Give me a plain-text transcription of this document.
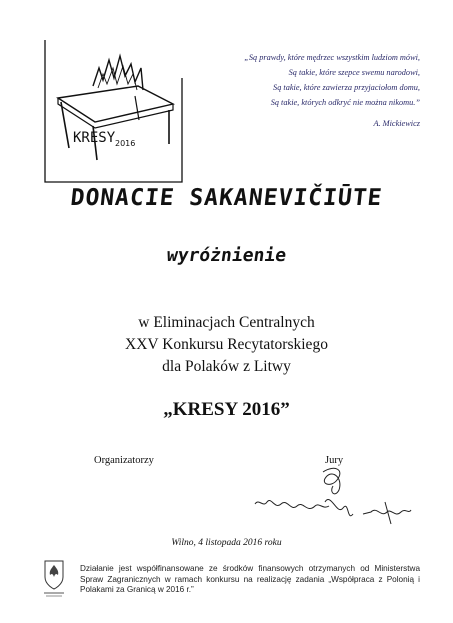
KRESY 2016
„Są prawdy, które mędrzec wszystkim ludziom mówi,
Są takie, które szepce swemu narodowi,
Są takie, które zawierza przyjaciołom domu,
Są takie, których odkryć nie można nikomu.”
A. Mickiewicz
DONACIE SAKANEVIČIŪTE
wyróżnienie
w Eliminacjach Centralnych
XXV Konkursu Recytatorskiego
dla Polaków z Litwy
„KRESY 2016”
Organizatorzy	Jury
Wilno, 4 listopada 2016 roku
Działanie jest współfinansowane ze środków finansowych otrzymanych od Ministerstwa Spraw Zagranicznych w ramach konkursu na realizację zadania „Współpraca z Polonią i Polakami za Granicą w 2016 r.”
